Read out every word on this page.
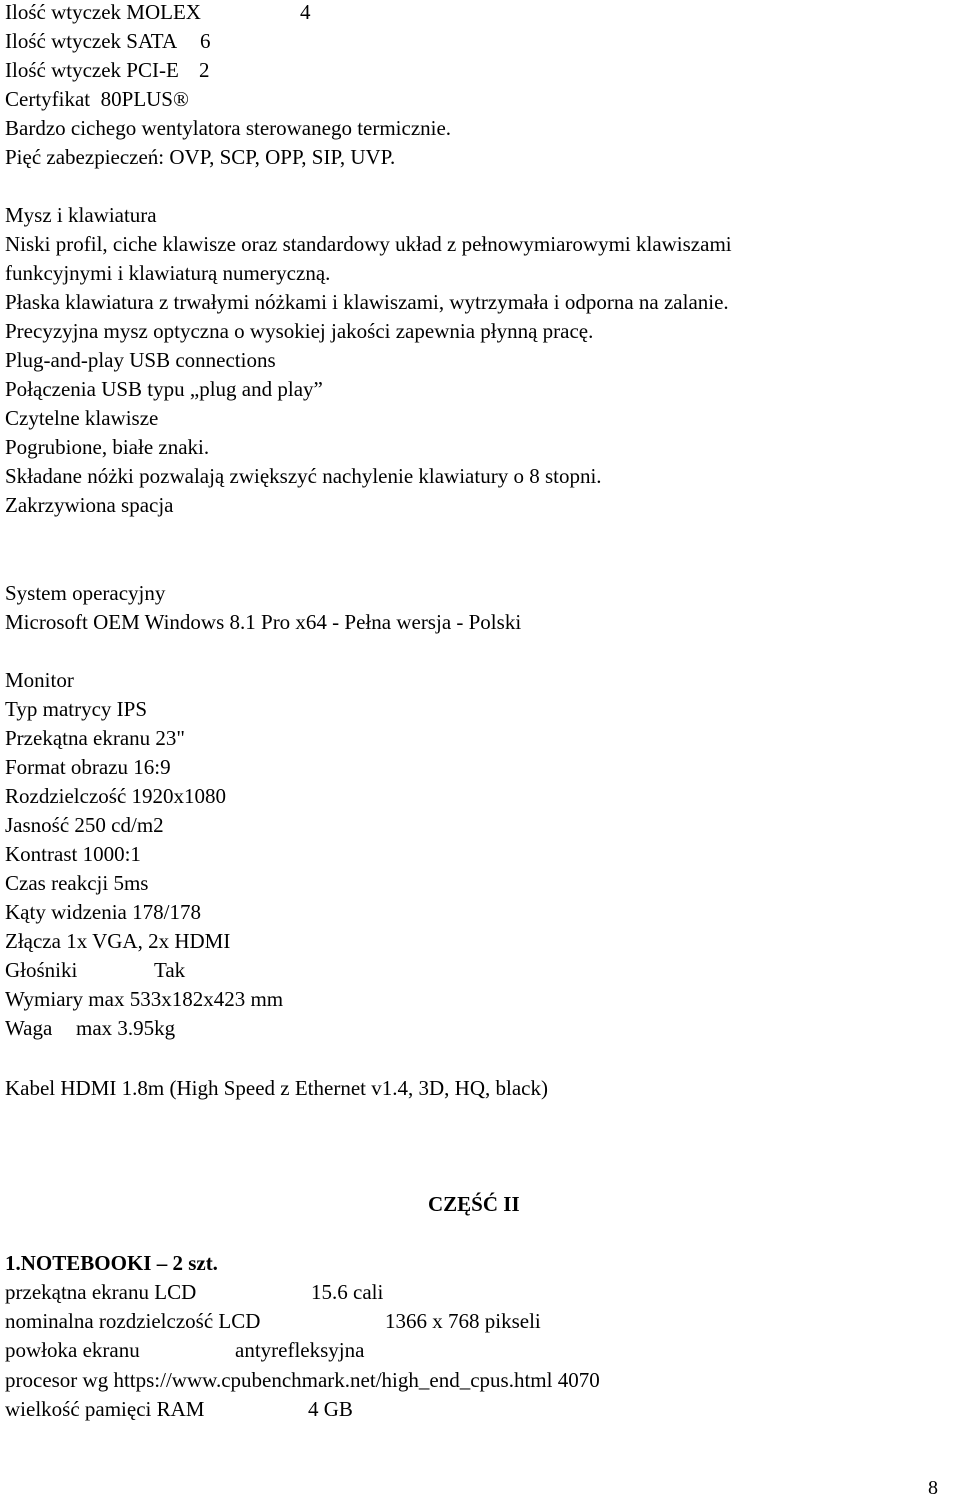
Ilość wtyczek MOLEX	4
Ilość wtyczek SATA 6
Ilość wtyczek PCI-E 2
Certyfikat  80PLUS®
Bardzo cichego wentylatora sterowanego termicznie.
Pięć zabezpieczeń: OVP, SCP, OPP, SIP, UVP.
Mysz i klawiatura
Niski profil, ciche klawisze oraz standardowy układ z pełnowymiarowymi klawiszami
funkcyjnymi i klawiaturą numeryczną.
Płaska klawiatura z trwałymi nóżkami i klawiszami, wytrzymała i odporna na zalanie.
Precyzyjna mysz optyczna o wysokiej jakości zapewnia płynną pracę.
Plug-and-play USB connections
Połączenia USB typu „plug and play”
Czytelne klawisze
Pogrubione, białe znaki.
Składane nóżki pozwalają zwiększyć nachylenie klawiatury o 8 stopni.
Zakrzywiona spacja
System operacyjny
Microsoft OEM Windows 8.1 Pro x64 - Pełna wersja - Polski
Monitor
Typ matrycy IPS
Przekątna ekranu 23"
Format obrazu 16:9
Rozdzielczość 1920x1080
Jasność 250 cd/m2
Kontrast 1000:1
Czas reakcji 5ms
Kąty widzenia 178/178
Złącza 1x VGA, 2x HDMI
Głośniki	Tak
Wymiary max 533x182x423 mm
Waga max 3.95kg
Kabel HDMI 1.8m (High Speed z Ethernet v1.4, 3D, HQ, black)
CZĘŚĆ II
1.NOTEBOOKI – 2 szt.
przekątna ekranu LCD	15.6 cali
nominalna rozdzielczość LCD	1366 x 768 pikseli
powłoka ekranu	antyrefleksyjna
procesor wg https://www.cpubenchmark.net/high_end_cpus.html 4070
wielkość pamięci RAM	4 GB
8
